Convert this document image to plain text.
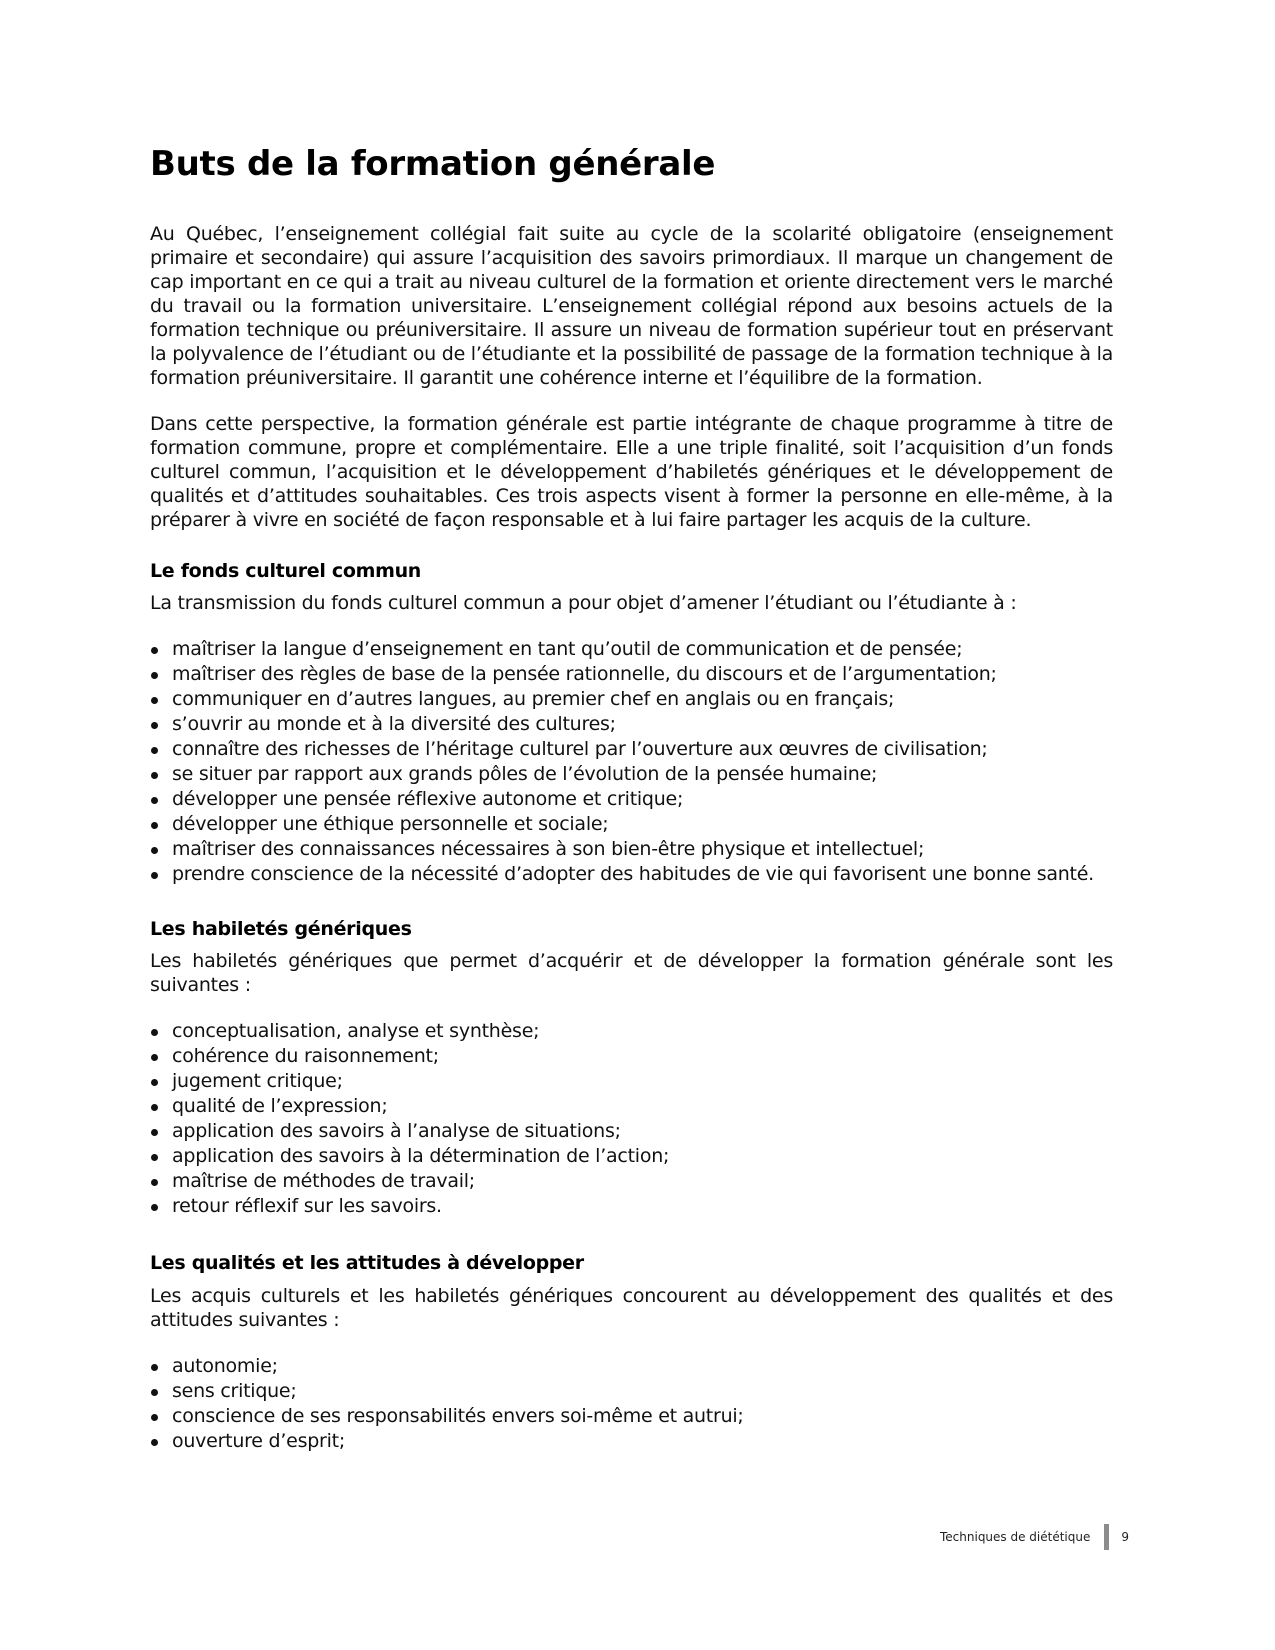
Buts de la formation générale

Au Québec, l’enseignement collégial fait suite au cycle de la scolarité obligatoire (enseignement primaire et secondaire) qui assure l’acquisition des savoirs primordiaux. Il marque un changement de cap important en ce qui a trait au niveau culturel de la formation et oriente directement vers le marché du travail ou la formation universitaire. L’enseignement collégial répond aux besoins actuels de la formation technique ou préuniversitaire. Il assure un niveau de formation supérieur tout en préservant la polyvalence de l’étudiant ou de l’étudiante et la possibilité de passage de la formation technique à la formation préuniversitaire. Il garantit une cohérence interne et l’équilibre de la formation.

Dans cette perspective, la formation générale est partie intégrante de chaque programme à titre de formation commune, propre et complémentaire. Elle a une triple finalité, soit l’acquisition d’un fonds culturel commun, l’acquisition et le développement d’habiletés génériques et le développement de qualités et d’attitudes souhaitables. Ces trois aspects visent à former la personne en elle-même, à la préparer à vivre en société de façon responsable et à lui faire partager les acquis de la culture.

Le fonds culturel commun

La transmission du fonds culturel commun a pour objet d’amener l’étudiant ou l’étudiante à :

maîtriser la langue d’enseignement en tant qu’outil de communication et de pensée;
maîtriser des règles de base de la pensée rationnelle, du discours et de l’argumentation;
communiquer en d’autres langues, au premier chef en anglais ou en français;
s’ouvrir au monde et à la diversité des cultures;
connaître des richesses de l’héritage culturel par l’ouverture aux œuvres de civilisation;
se situer par rapport aux grands pôles de l’évolution de la pensée humaine;
développer une pensée réflexive autonome et critique;
développer une éthique personnelle et sociale;
maîtriser des connaissances nécessaires à son bien-être physique et intellectuel;
prendre conscience de la nécessité d’adopter des habitudes de vie qui favorisent une bonne santé.
Les habiletés génériques

Les habiletés génériques que permet d’acquérir et de développer la formation générale sont les suivantes :

conceptualisation, analyse et synthèse;
cohérence du raisonnement;
jugement critique;
qualité de l’expression;
application des savoirs à l’analyse de situations;
application des savoirs à la détermination de l’action;
maîtrise de méthodes de travail;
retour réflexif sur les savoirs.
Les qualités et les attitudes à développer

Les acquis culturels et les habiletés génériques concourent au développement des qualités et des attitudes suivantes :

autonomie;
sens critique;
conscience de ses responsabilités envers soi-même et autrui;
ouverture d’esprit;
Techniques de diététique	9
